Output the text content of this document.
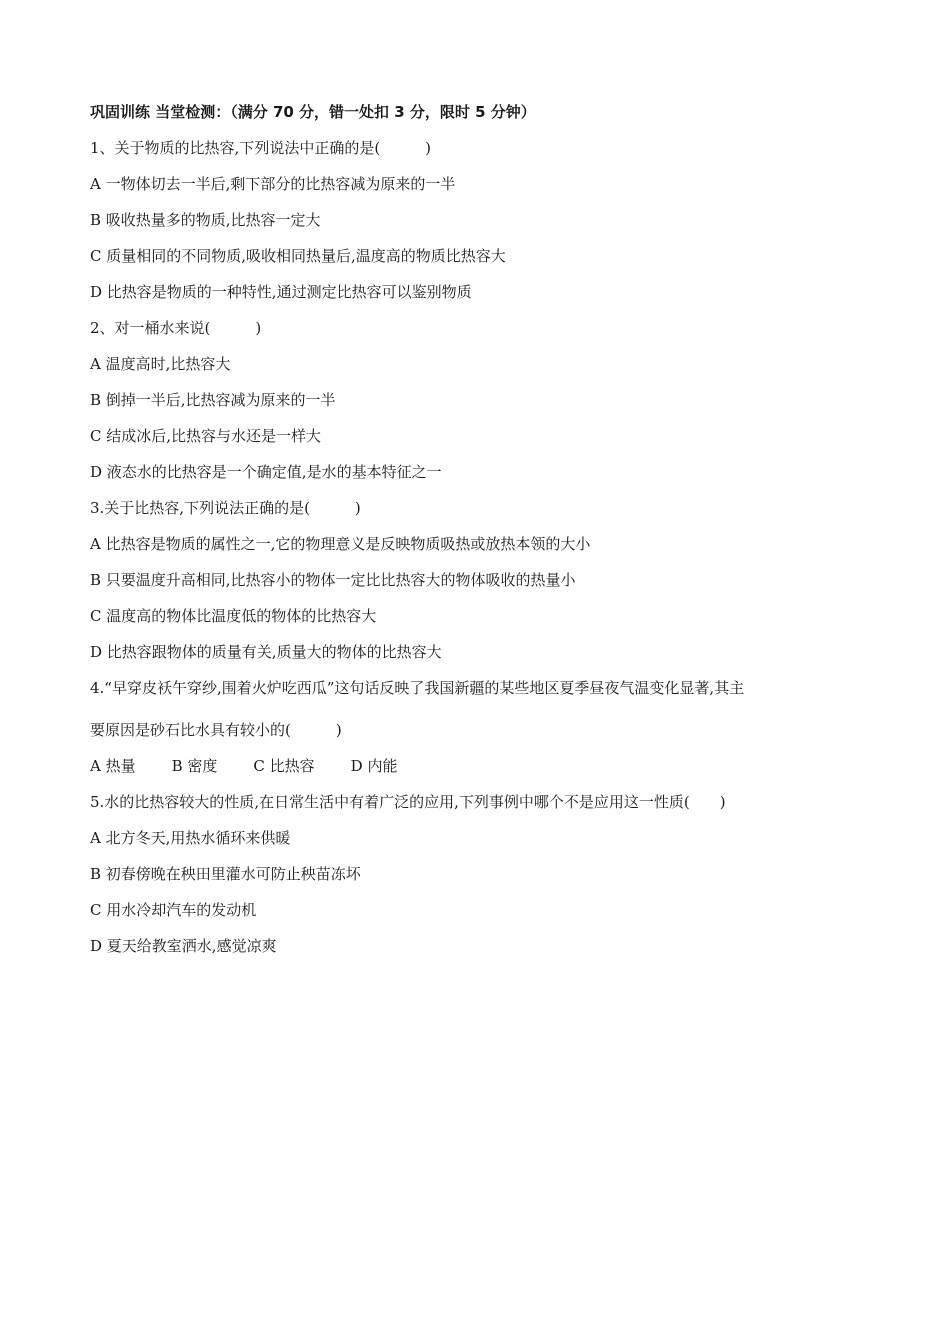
巩固训练 当堂检测：（满分 70 分，错一处扣 3 分，限时 5 分钟）
1、关于物质的比热容,下列说法中正确的是(　　　)
A 一物体切去一半后,剩下部分的比热容减为原来的一半
B 吸收热量多的物质,比热容一定大
C 质量相同的不同物质,吸收相同热量后,温度高的物质比热容大
D 比热容是物质的一种特性,通过测定比热容可以鉴别物质
2、对一桶水来说(　　　)
A 温度高时,比热容大
B 倒掉一半后,比热容减为原来的一半
C 结成冰后,比热容与水还是一样大
D 液态水的比热容是一个确定值,是水的基本特征之一
3.关于比热容,下列说法正确的是(　　　)
A 比热容是物质的属性之一,它的物理意义是反映物质吸热或放热本领的大小
B 只要温度升高相同,比热容小的物体一定比比热容大的物体吸收的热量小
C 温度高的物体比温度低的物体的比热容大
D 比热容跟物体的质量有关,质量大的物体的比热容大
4.“早穿皮袄午穿纱,围着火炉吃西瓜”这句话反映了我国新疆的某些地区夏季昼夜气温变化显著,其主
要原因是砂石比水具有较小的(　　　)
A 热量 B 密度 C 比热容 D 内能
5.水的比热容较大的性质,在日常生活中有着广泛的应用,下列事例中哪个不是应用这一性质(　　)
A 北方冬天,用热水循环来供暖
B 初春傍晚在秧田里灌水可防止秧苗冻坏
C 用水冷却汽车的发动机
D 夏天给教室洒水,感觉凉爽
